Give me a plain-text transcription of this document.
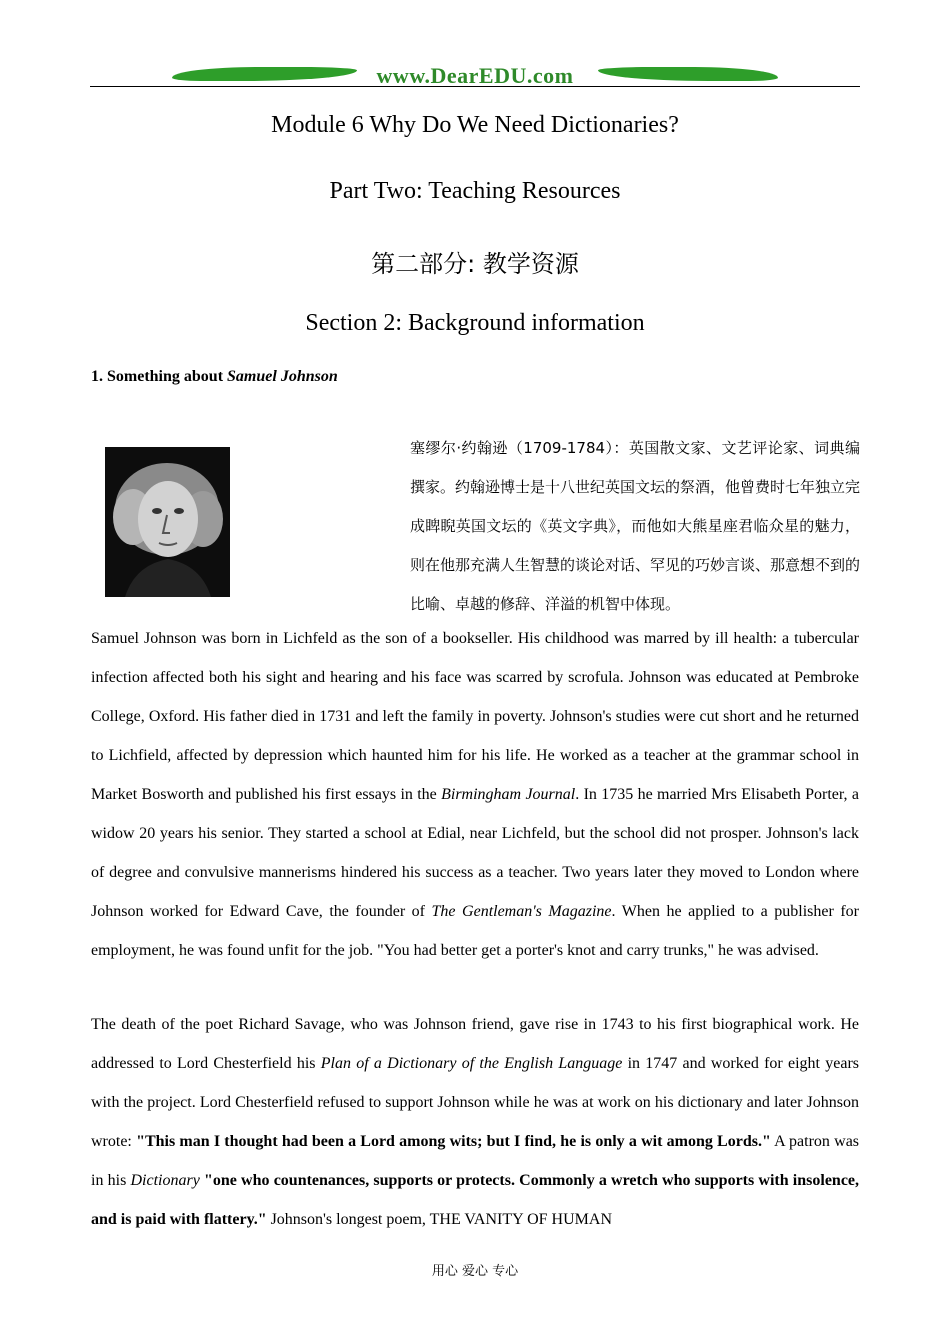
www.DearEDU.com
Module 6 Why Do We Need Dictionaries?
Part Two: Teaching Resources
第二部分: 教学资源
Section 2: Background information
1. Something about Samuel Johnson

塞缪尔·约翰逊（1709-1784）：英国散文家、文艺评论家、词典编撰家。约翰逊博士是十八世纪英国文坛的祭酒，他曾费时七年独立完成睥睨英国文坛的《英文字典》，而他如大熊星座君临众星的魅力，则在他那充满人生智慧的谈论对话、罕见的巧妙言谈、那意想不到的比喻、卓越的修辞、洋溢的机智中体现。

Samuel Johnson was born in Lichfeld as the son of a bookseller. His childhood was marred by ill health: a tubercular infection affected both his sight and hearing and his face was scarred by scrofula. Johnson was educated at Pembroke College, Oxford. His father died in 1731 and left the family in poverty. Johnson's studies were cut short and he returned to Lichfield, affected by depression which haunted him for his life. He worked as a teacher at the grammar school in Market Bosworth and published his first essays in the Birmingham Journal. In 1735 he married Mrs Elisabeth Porter, a widow 20 years his senior. They started a school at Edial, near Lichfeld, but the school did not prosper. Johnson's lack of degree and convulsive mannerisms hindered his success as a teacher. Two years later they moved to London where Johnson worked for Edward Cave, the founder of The Gentleman's Magazine. When he applied to a publisher for employment, he was found unfit for the job. "You had better get a porter's knot and carry trunks," he was advised.

The death of the poet Richard Savage, who was Johnson friend, gave rise in 1743 to his first biographical work. He addressed to Lord Chesterfield his Plan of a Dictionary of the English Language in 1747 and worked for eight years with the project. Lord Chesterfield refused to support Johnson while he was at work on his dictionary and later Johnson wrote: "This man I thought had been a Lord among wits; but I find, he is only a wit among Lords." A patron was in his Dictionary "one who countenances, supports or protects. Commonly a wretch who supports with insolence, and is paid with flattery." Johnson's longest poem, THE VANITY OF HUMAN

用心 爱心 专心
